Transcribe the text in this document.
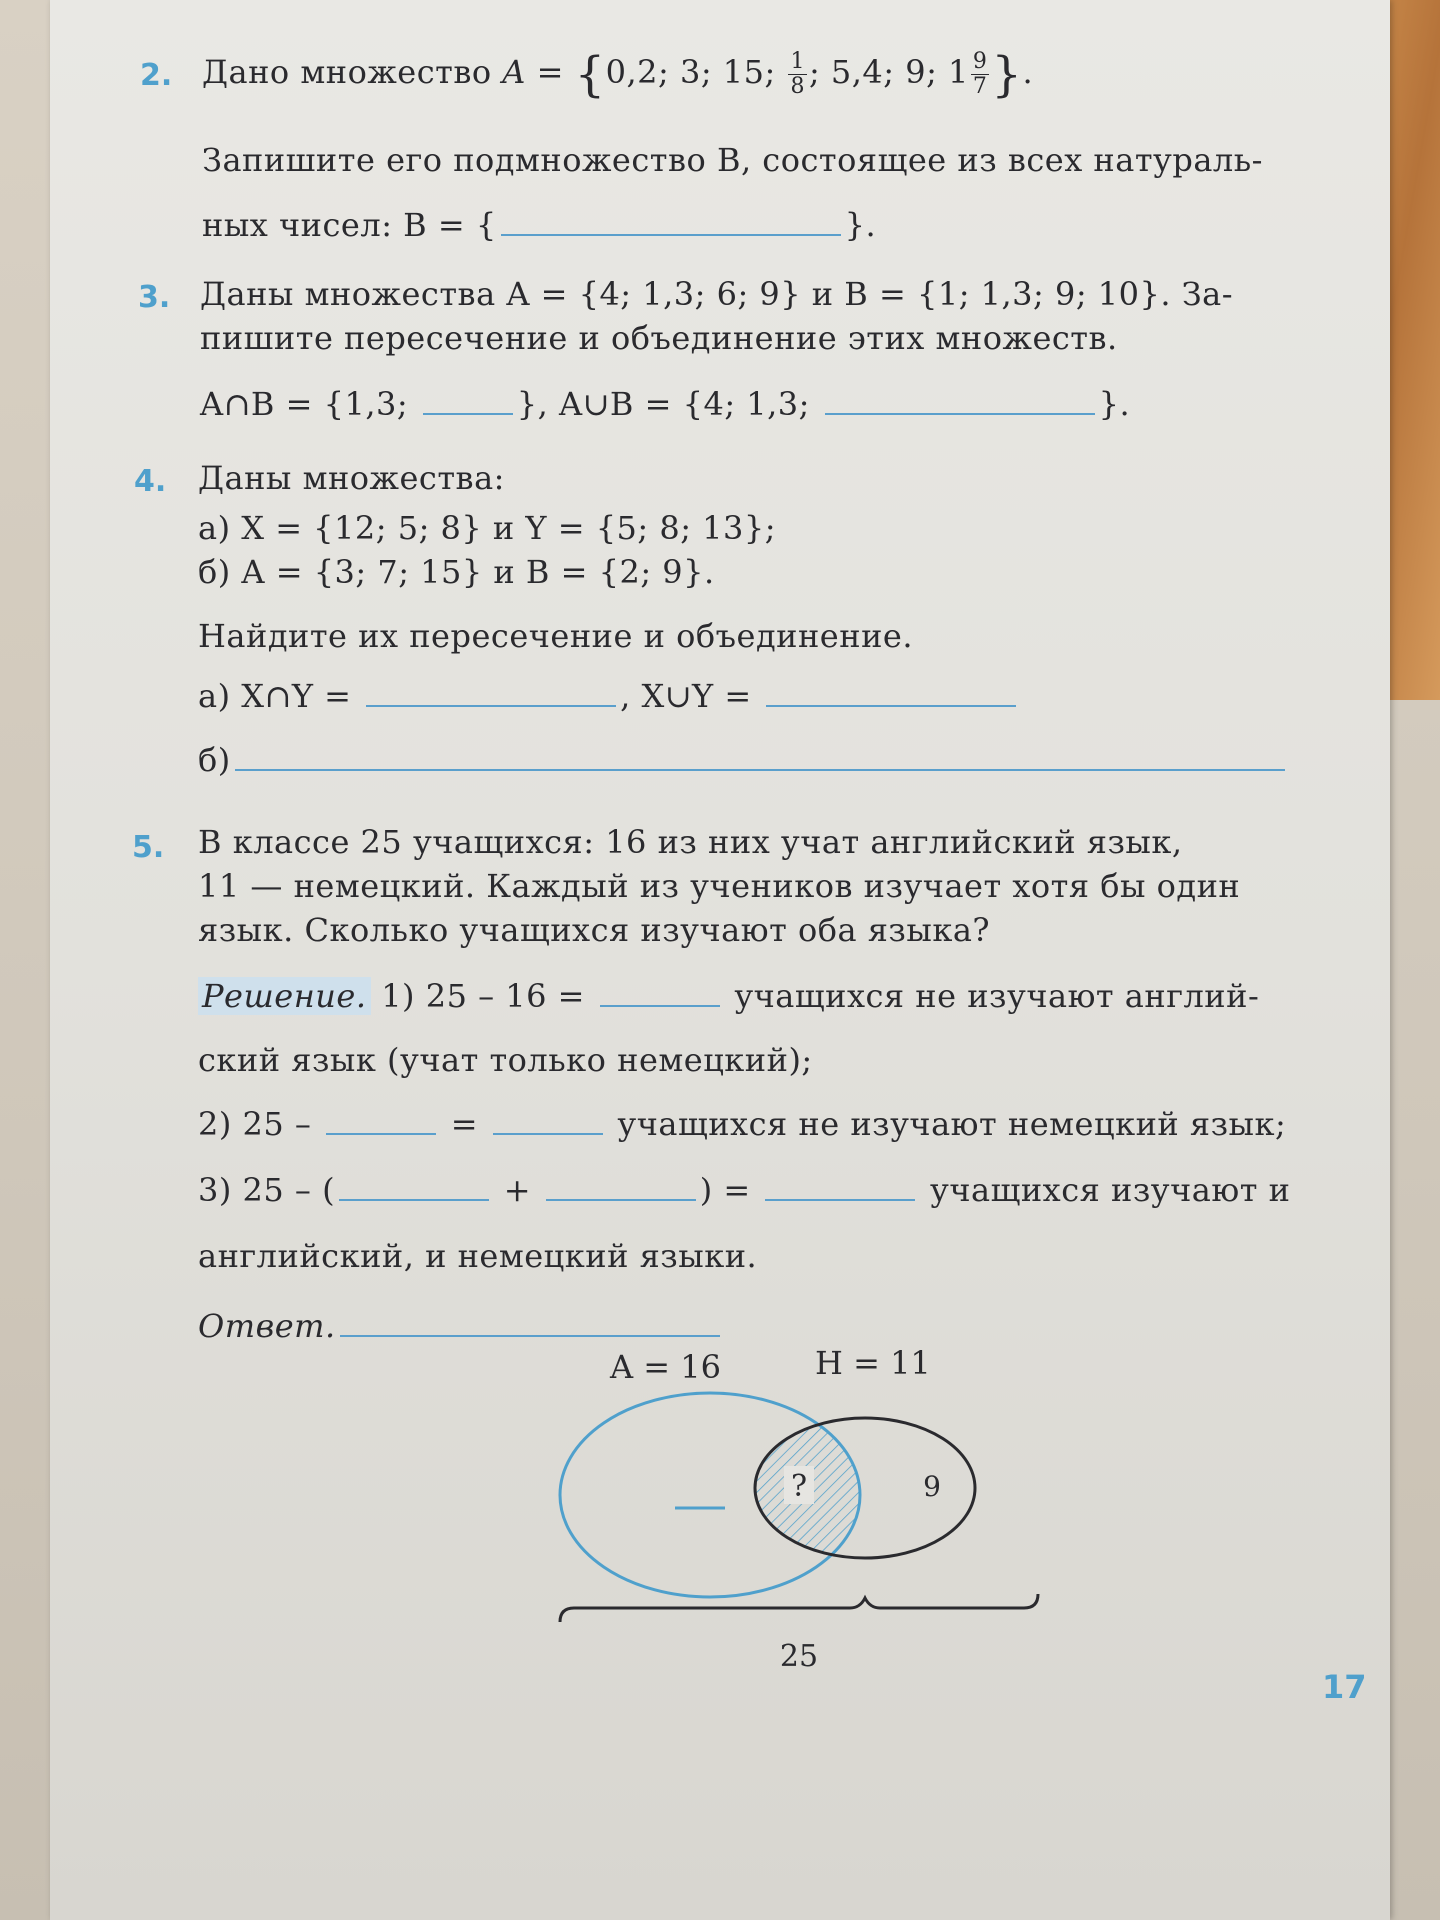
2. Дано множество A = {0,2; 3; 15; $\frac{1}{8}$ ; 5,4; 9; $1 \frac{9}{7}$ }.
Запишите его подмножество B, состоящее из всех натураль-
ных чисел: B = {	}.
3. Даны множества A = {4; 1,3; 6; 9} и B = {1; 1,3; 9; 10}. За-
пишите пересечение и объединение этих множеств.
A∩B = {1,3;	}, A∪B = {4; 1,3;	}.
4. Даны множества:
а) X = {12; 5; 8} и Y = {5; 8; 13};
б) A = {3; 7; 15} и B = {2; 9}.
Найдите их пересечение и объединение.
а) X∩Y =	, X∪Y =
б)
5. В классе 25 учащихся: 16 из них учат английский язык,
11 — немецкий. Каждый из учеников изучает хотя бы один
язык. Сколько учащихся изучают оба языка?
Решение. 1) 25 – 16 =	учащихся не изучают англий-
ский язык (учат только немецкий);
2) 25 –	=	учащихся не изучают немецкий язык;
3) 25 – (	+	) =	учащихся изучают и
английский, и немецкий языки.
Ответ.
A = 16	H = 11
?	9
25
17
